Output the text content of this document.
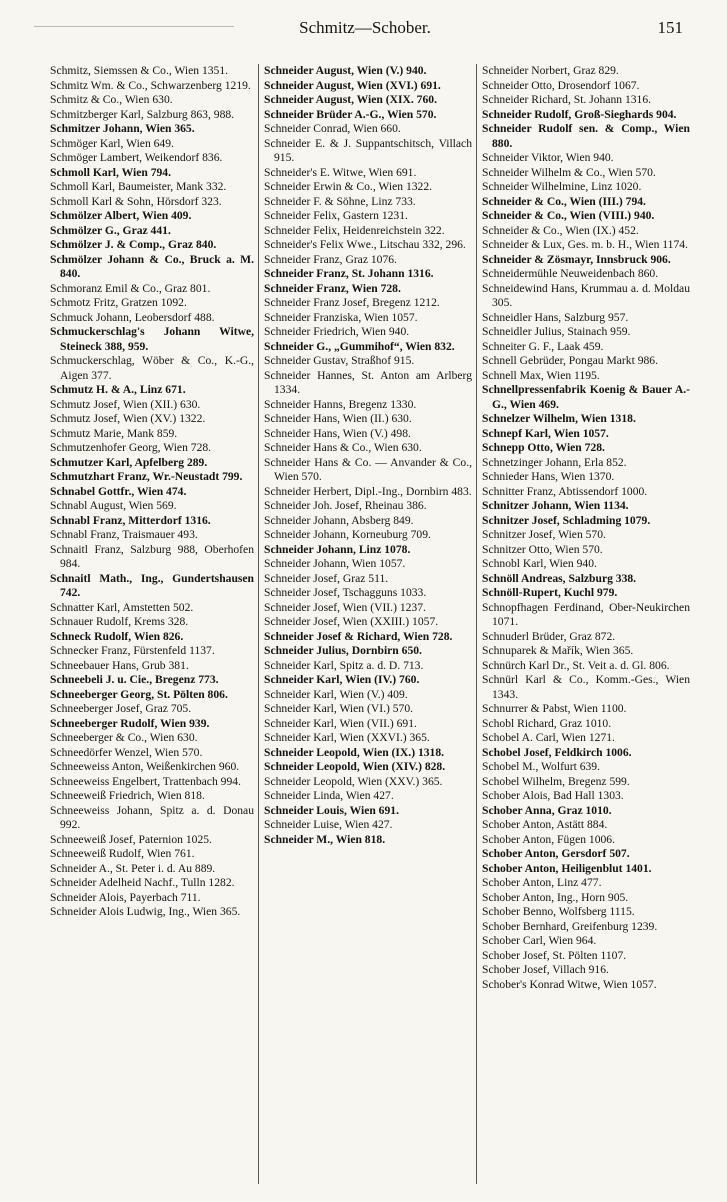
Schmitz—Schober.	151

Schmitz, Siemssen & Co., Wien 1351.

Schmitz Wm. & Co., Schwarzenberg 1219.

Schmitz & Co., Wien 630.

Schmitzberger Karl, Salzburg 863, 988.

Schmitzer Johann, Wien 365.

Schmöger Karl, Wien 649.

Schmöger Lambert, Weikendorf 836.

Schmoll Karl, Wien 794.

Schmoll Karl, Baumeister, Mank 332.

Schmoll Karl & Sohn, Hörsdorf 323.

Schmölzer Albert, Wien 409.

Schmölzer G., Graz 441.

Schmölzer J. & Comp., Graz 840.

Schmölzer Johann & Co., Bruck a. M. 840.

Schmoranz Emil & Co., Graz 801.

Schmotz Fritz, Gratzen 1092.

Schmuck Johann, Leobersdorf 488.

Schmuckerschlag's Johann Witwe, Steineck 388, 959.

Schmuckerschlag, Wöber & Co., K.-G., Aigen 377.

Schmutz H. & A., Linz 671.

Schmutz Josef, Wien (XII.) 630.

Schmutz Josef, Wien (XV.) 1322.

Schmutz Marie, Mank 859.

Schmutzenhofer Georg, Wien 728.

Schmutzer Karl, Apfelberg 289.

Schmutzhart Franz, Wr.-Neustadt 799.

Schnabel Gottfr., Wien 474.

Schnabl August, Wien 569.

Schnabl Franz, Mitterdorf 1316.

Schnabl Franz, Traismauer 493.

Schnaitl Franz, Salzburg 988, Oberhofen 984.

Schnaitl Math., Ing., Gundertshausen 742.

Schnatter Karl, Amstetten 502.

Schnauer Rudolf, Krems 328.

Schneck Rudolf, Wien 826.

Schnecker Franz, Fürstenfeld 1137.

Schneebauer Hans, Grub 381.

Schneebeli J. u. Cie., Bregenz 773.

Schneeberger Georg, St. Pölten 806.

Schneeberger Josef, Graz 705.

Schneeberger Rudolf, Wien 939.

Schneeberger & Co., Wien 630.

Schneedörfer Wenzel, Wien 570.

Schneeweiss Anton, Weißenkirchen 960.

Schneeweiss Engelbert, Trattenbach 994.

Schneeweiß Friedrich, Wien 818.

Schneeweiss Johann, Spitz a. d. Donau 992.

Schneeweiß Josef, Paternion 1025.

Schneeweiß Rudolf, Wien 761.

Schneider A., St. Peter i. d. Au 889.

Schneider Adelheid Nachf., Tulln 1282.

Schneider Alois, Payerbach 711.

Schneider Alois Ludwig, Ing., Wien 365.

Schneider August, Wien (V.) 940.

Schneider August, Wien (XVI.) 691.

Schneider August, Wien (XIX. 760.

Schneider Brüder A.-G., Wien 570.

Schneider Conrad, Wien 660.

Schneider E. & J. Suppantschitsch, Villach 915.

Schneider's E. Witwe, Wien 691.

Schneider Erwin & Co., Wien 1322.

Schneider F. & Söhne, Linz 733.

Schneider Felix, Gastern 1231.

Schneider Felix, Heidenreichstein 322.

Schneider's Felix Wwe., Litschau 332, 296.

Schneider Franz, Graz 1076.

Schneider Franz, St. Johann 1316.

Schneider Franz, Wien 728.

Schneider Franz Josef, Bregenz 1212.

Schneider Franziska, Wien 1057.

Schneider Friedrich, Wien 940.

Schneider G., „Gummihof“, Wien 832.

Schneider Gustav, Straßhof 915.

Schneider Hannes, St. Anton am Arlberg 1334.

Schneider Hanns, Bregenz 1330.

Schneider Hans, Wien (II.) 630.

Schneider Hans, Wien (V.) 498.

Schneider Hans & Co., Wien 630.

Schneider Hans & Co. — Anvander & Co., Wien 570.

Schneider Herbert, Dipl.-Ing., Dornbirn 483.

Schneider Joh. Josef, Rheinau 386.

Schneider Johann, Absberg 849.

Schneider Johann, Korneuburg 709.

Schneider Johann, Linz 1078.

Schneider Johann, Wien 1057.

Schneider Josef, Graz 511.

Schneider Josef, Tschagguns 1033.

Schneider Josef, Wien (VII.) 1237.

Schneider Josef, Wien (XXIII.) 1057.

Schneider Josef & Richard, Wien 728.

Schneider Julius, Dornbirn 650.

Schneider Karl, Spitz a. d. D. 713.

Schneider Karl, Wien (IV.) 760.

Schneider Karl, Wien (V.) 409.

Schneider Karl, Wien (VI.) 570.

Schneider Karl, Wien (VII.) 691.

Schneider Karl, Wien (XXVI.) 365.

Schneider Leopold, Wien (IX.) 1318.

Schneider Leopold, Wien (XIV.) 828.

Schneider Leopold, Wien (XXV.) 365.

Schneider Linda, Wien 427.

Schneider Louis, Wien 691.

Schneider Luise, Wien 427.

Schneider M., Wien 818.

Schneider Norbert, Graz 829.

Schneider Otto, Drosendorf 1067.

Schneider Richard, St. Johann 1316.

Schneider Rudolf, Groß-Sieghards 904.

Schneider Rudolf sen. & Comp., Wien 880.

Schneider Viktor, Wien 940.

Schneider Wilhelm & Co., Wien 570.

Schneider Wilhelmine, Linz 1020.

Schneider & Co., Wien (III.) 794.

Schneider & Co., Wien (VIII.) 940.

Schneider & Co., Wien (IX.) 452.

Schneider & Lux, Ges. m. b. H., Wien 1174.

Schneider & Zösmayr, Innsbruck 906.

Schneidermühle Neuweidenbach 860.

Schneidewind Hans, Krummau a. d. Moldau 305.

Schneidler Hans, Salzburg 957.

Schneidler Julius, Stainach 959.

Schneiter G. F., Laak 459.

Schnell Gebrüder, Pongau Markt 986.

Schnell Max, Wien 1195.

Schnellpressenfabrik Koenig & Bauer A.-G., Wien 469.

Schnelzer Wilhelm, Wien 1318.

Schnepf Karl, Wien 1057.

Schnepp Otto, Wien 728.

Schnetzinger Johann, Erla 852.

Schnieder Hans, Wien 1370.

Schnitter Franz, Abtissendorf 1000.

Schnitzer Johann, Wien 1134.

Schnitzer Josef, Schladming 1079.

Schnitzer Josef, Wien 570.

Schnitzer Otto, Wien 570.

Schnobl Karl, Wien 940.

Schnöll Andreas, Salzburg 338.

Schnöll-Rupert, Kuchl 979.

Schnopfhagen Ferdinand, Ober-Neukirchen 1071.

Schnuderl Brüder, Graz 872.

Schnuparek & Mařík, Wien 365.

Schnürch Karl Dr., St. Veit a. d. Gl. 806.

Schnürl Karl & Co., Komm.-Ges., Wien 1343.

Schnurrer & Pabst, Wien 1100.

Schobl Richard, Graz 1010.

Schobel A. Carl, Wien 1271.

Schobel Josef, Feldkirch 1006.

Schobel M., Wolfurt 639.

Schobel Wilhelm, Bregenz 599.

Schober Alois, Bad Hall 1303.

Schober Anna, Graz 1010.

Schober Anton, Astätt 884.

Schober Anton, Fügen 1006.

Schober Anton, Gersdorf 507.

Schober Anton, Heiligenblut 1401.

Schober Anton, Linz 477.

Schober Anton, Ing., Horn 905.

Schober Benno, Wolfsberg 1115.

Schober Bernhard, Greifenburg 1239.

Schober Carl, Wien 964.

Schober Josef, St. Pölten 1107.

Schober Josef, Villach 916.

Schober's Konrad Witwe, Wien 1057.
